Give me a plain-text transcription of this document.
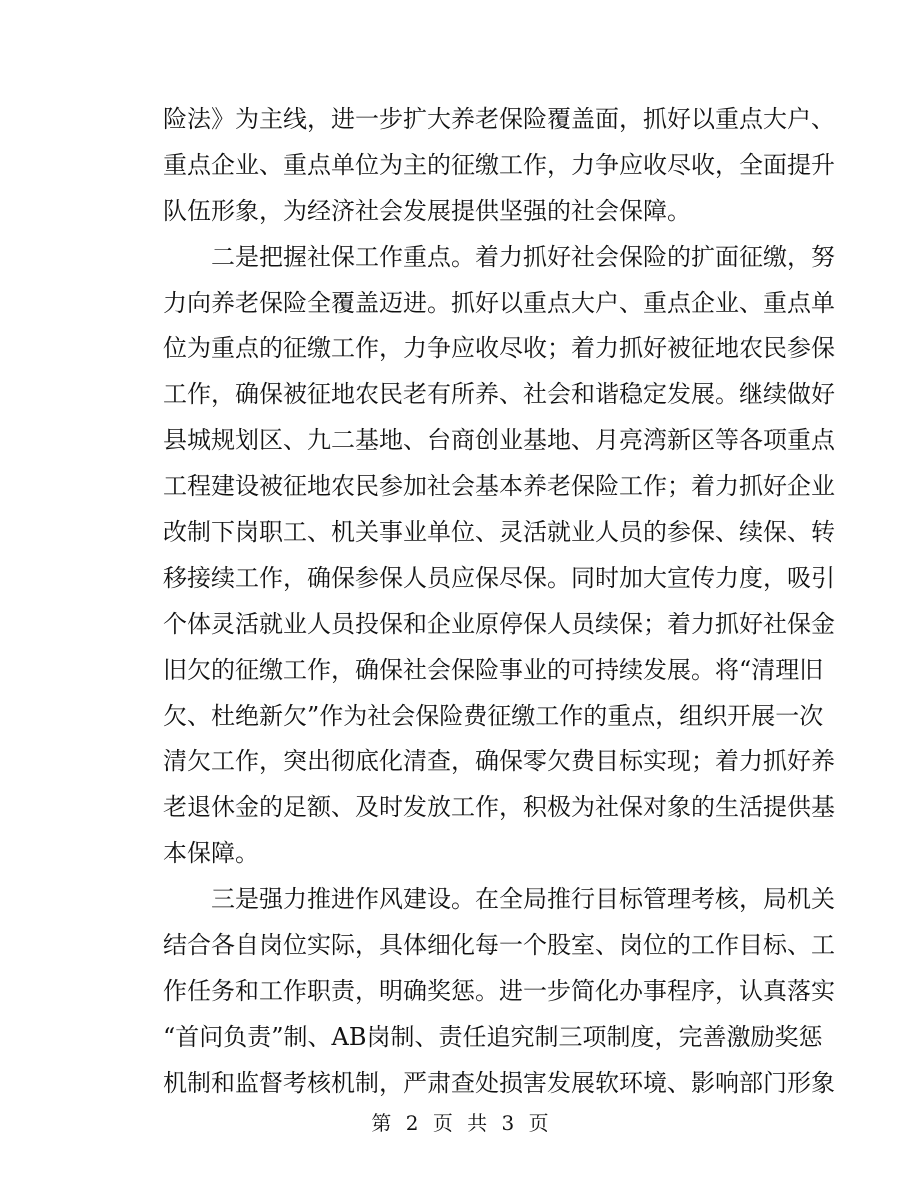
险法》为主线，进一步扩大养老保险覆盖面，抓好以重点大户、
重点企业、重点单位为主的征缴工作，力争应收尽收，全面提升
队伍形象，为经济社会发展提供坚强的社会保障。
二是把握社保工作重点。着力抓好社会保险的扩面征缴，努
力向养老保险全覆盖迈进。抓好以重点大户、重点企业、重点单
位为重点的征缴工作，力争应收尽收；着力抓好被征地农民参保
工作，确保被征地农民老有所养、社会和谐稳定发展。继续做好
县城规划区、九二基地、台商创业基地、月亮湾新区等各项重点
工程建设被征地农民参加社会基本养老保险工作；着力抓好企业
改制下岗职工、机关事业单位、灵活就业人员的参保、续保、转
移接续工作，确保参保人员应保尽保。同时加大宣传力度，吸引
个体灵活就业人员投保和企业原停保人员续保；着力抓好社保金
旧欠的征缴工作，确保社会保险事业的可持续发展。将“清理旧
欠、杜绝新欠”作为社会保险费征缴工作的重点，组织开展一次
清欠工作，突出彻底化清查，确保零欠费目标实现；着力抓好养
老退休金的足额、及时发放工作，积极为社保对象的生活提供基
本保障。
三是强力推进作风建设。在全局推行目标管理考核，局机关
结合各自岗位实际，具体细化每一个股室、岗位的工作目标、工
作任务和工作职责，明确奖惩。进一步简化办事程序，认真落实
“首问负责”制、AB岗制、责任追究制三项制度，完善激励奖惩
机制和监督考核机制，严肃查处损害发展软环境、影响部门形象
第 2 页 共 3 页
